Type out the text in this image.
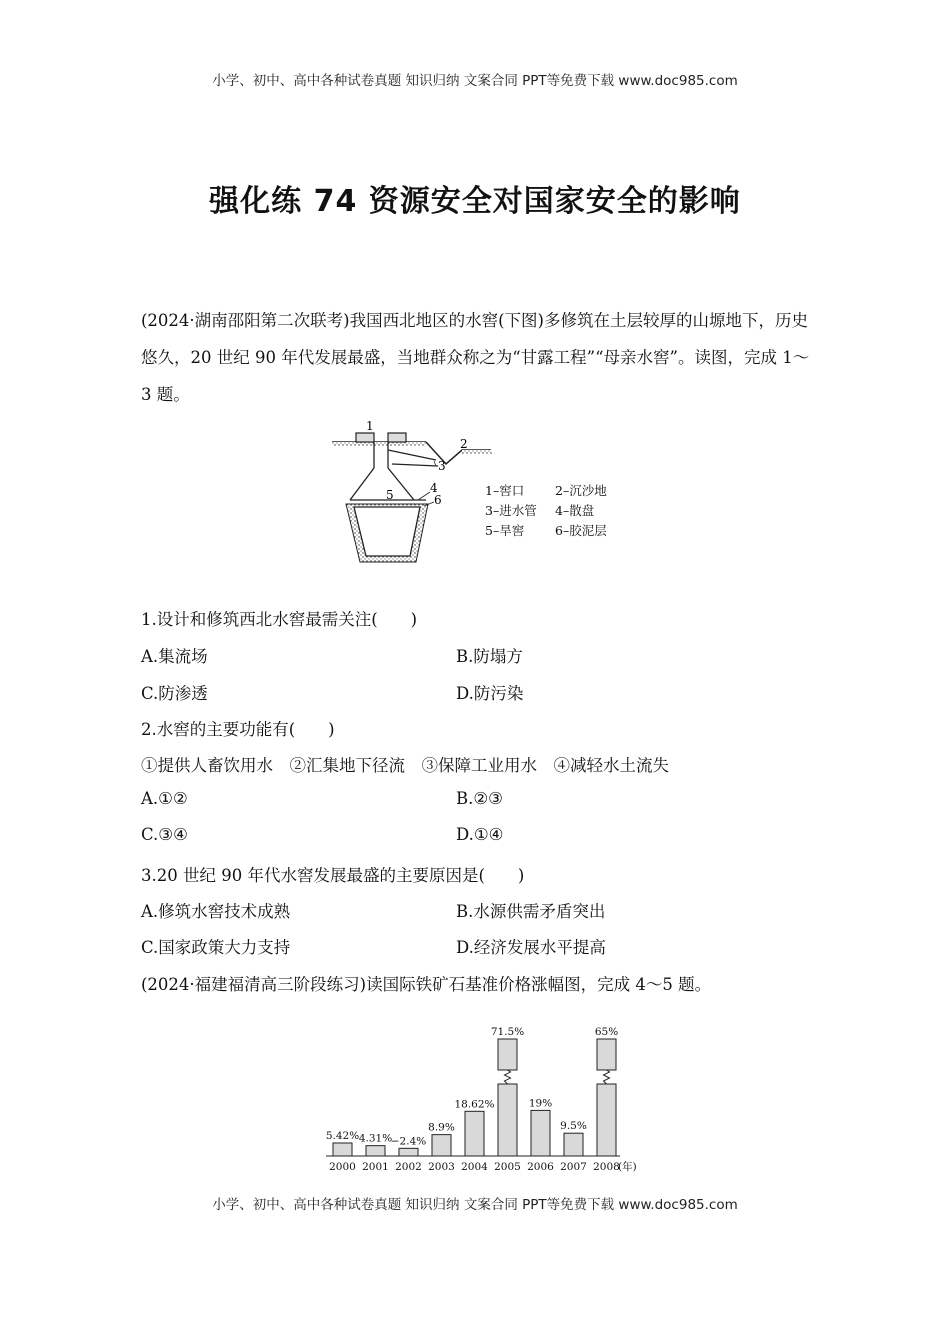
小学、初中、高中各种试卷真题 知识归纳 文案合同 PPT等免费下载 www.doc985.com
强化练 74 资源安全对国家安全的影响
(2024·湖南邵阳第二次联考)我国西北地区的水窖(下图)多修筑在土层较厚的山塬地下，历史悠久，20 世纪 90 年代发展最盛，当地群众称之为“甘露工程”“母亲水窖”。读图，完成 1～3 题。
1
2
3
4
5	6
1–窖口 2–沉沙地
3–进水管 4–散盘
5–旱窖 6–胶泥层
1.设计和修筑西北水窖最需关注(　　)
A.集流场	B.防塌方
C.防渗透	D.防污染
2.水窖的主要功能有(　　)
①提供人畜饮用水　②汇集地下径流　③保障工业用水　④减轻水土流失
A.①②	B.②③
C.③④	D.①④
3.20 世纪 90 年代水窖发展最盛的主要原因是(　　)
A.修筑水窖技术成熟	B.水源供需矛盾突出
C.国家政策大力支持	D.经济发展水平提高
(2024·福建福清高三阶段练习)读国际铁矿石基准价格涨幅图，完成 4～5 题。
5.42%
2000
4.31%
2001
−2.4%
2002
8.9%
2003
18.62%
2004
71.5%
2005
19%
2006
9.5%
2007
65%
2008
(年)
小学、初中、高中各种试卷真题 知识归纳 文案合同 PPT等免费下载 www.doc985.com
